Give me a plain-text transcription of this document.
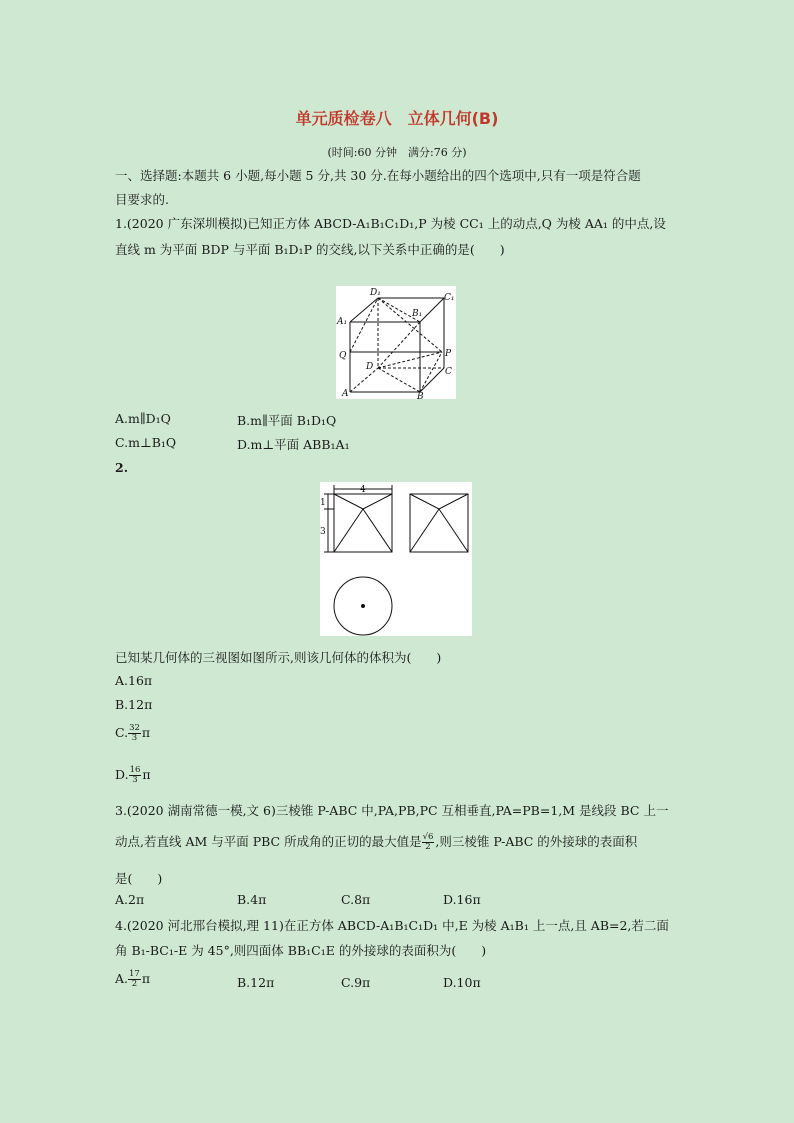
单元质检卷八　立体几何(B)
(时间:60 分钟　满分:76 分)
一、选择题:本题共 6 小题,每小题 5 分,共 30 分.在每小题给出的四个选项中,只有一项是符合题
目要求的.
1.(2020 广东深圳模拟)已知正方体 ABCD-A₁B₁C₁D₁,P 为棱 CC₁ 上的动点,Q 为棱 AA₁ 的中点,设
直线 m 为平面 BDP 与平面 B₁D₁P 的交线,以下关系中正确的是(　　)
D₁	C₁
A₁
B₁
Q	P
D	C
A	B
A.m∥D₁Q	B.m∥平面 B₁D₁Q
C.m⊥B₁Q	D.m⊥平面 ABB₁A₁
2.
4
1
3
已知某几何体的三视图如图所示,则该几何体的体积为(　　)
A.16π
B.12π
C. $\frac{32}{3}$ π
D. $\frac{16}{3}$ π
3.(2020 湖南常德一模,文 6)三棱锥 P-ABC 中,PA,PB,PC 互相垂直,PA=PB=1,M 是线段 BC 上一
动点,若直线 AM 与平面 PBC 所成角的正切的最大值是 $\frac{√6}{2}$ ,则三棱锥 P-ABC 的外接球的表面积
是(　　)
A.2π	B.4π	C.8π	D.16π
4.(2020 河北邢台模拟,理 11)在正方体 ABCD-A₁B₁C₁D₁ 中,E 为棱 A₁B₁ 上一点,且 AB=2,若二面
角 B₁-BC₁-E 为 45°,则四面体 BB₁C₁E 的外接球的表面积为(　　)
A. $\frac{17}{2}$ π	B.12π	C.9π	D.10π
